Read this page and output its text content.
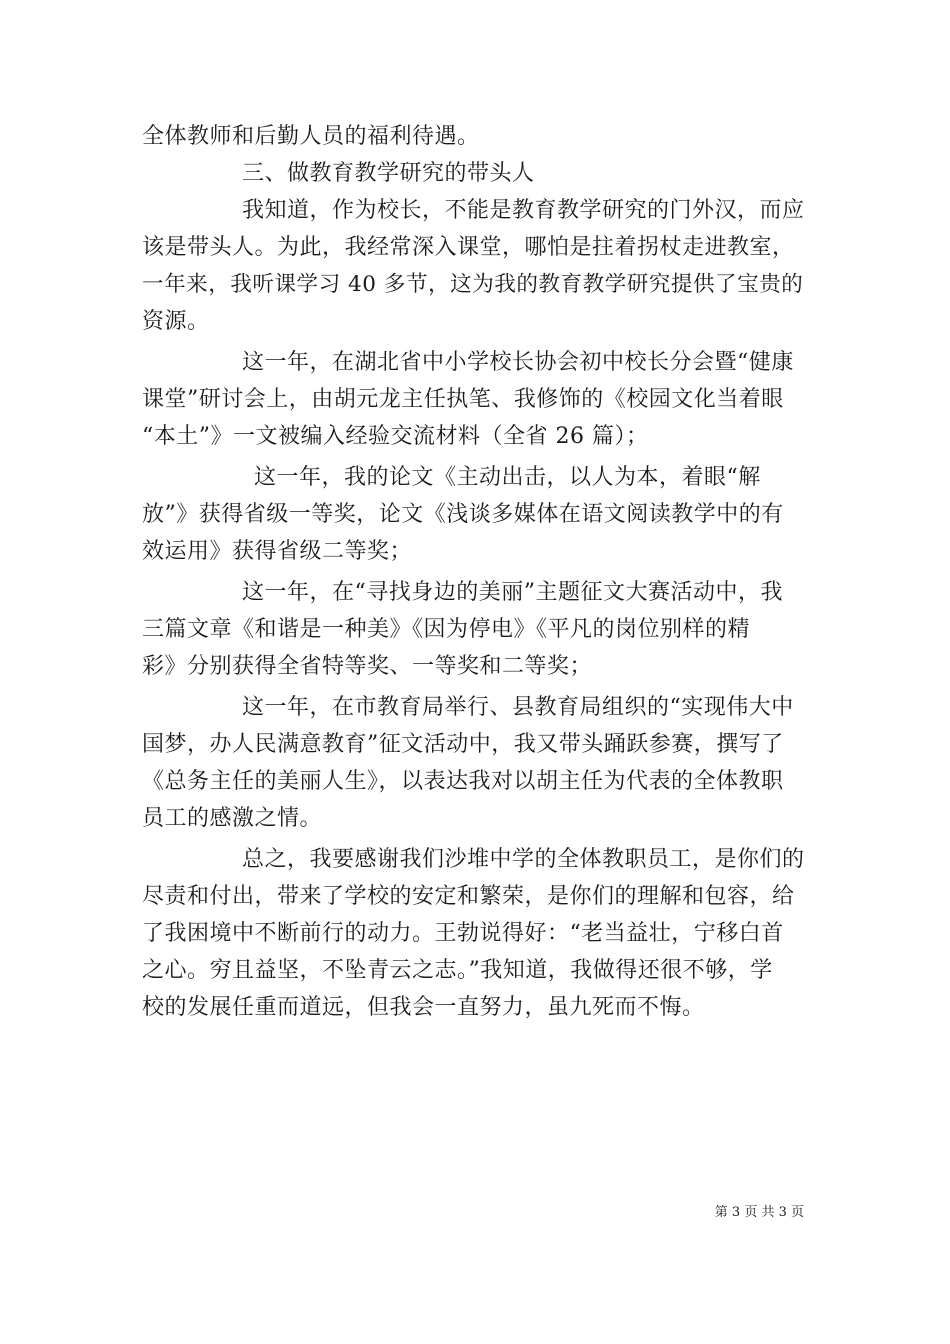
全体教师和后勤人员的福利待遇。
三、做教育教学研究的带头人
我知道，作为校长，不能是教育教学研究的门外汉，而应
该是带头人。为此，我经常深入课堂，哪怕是拄着拐杖走进教室，
一年来，我听课学习 40 多节，这为我的教育教学研究提供了宝贵的
资源。
这一年，在湖北省中小学校长协会初中校长分会暨“健康
课堂”研讨会上，由胡元龙主任执笔、我修饰的《校园文化当着眼
“本土”》一文被编入经验交流材料（全省 26 篇）；
这一年，我的论文《主动出击，以人为本，着眼“解
放”》获得省级一等奖，论文《浅谈多媒体在语文阅读教学中的有
效运用》获得省级二等奖；
这一年，在“寻找身边的美丽”主题征文大赛活动中，我
三篇文章《和谐是一种美》《因为停电》《平凡的岗位别样的精
彩》分别获得全省特等奖、一等奖和二等奖；
这一年，在市教育局举行、县教育局组织的“实现伟大中
国梦，办人民满意教育”征文活动中，我又带头踊跃参赛，撰写了
《总务主任的美丽人生》，以表达我对以胡主任为代表的全体教职
员工的感激之情。
总之，我要感谢我们沙堆中学的全体教职员工，是你们的
尽责和付出，带来了学校的安定和繁荣，是你们的理解和包容，给
了我困境中不断前行的动力。王勃说得好：“老当益壮，宁移白首
之心。穷且益坚，不坠青云之志。”我知道，我做得还很不够，学
校的发展任重而道远，但我会一直努力，虽九死而不悔。
第 3 页 共 3 页
